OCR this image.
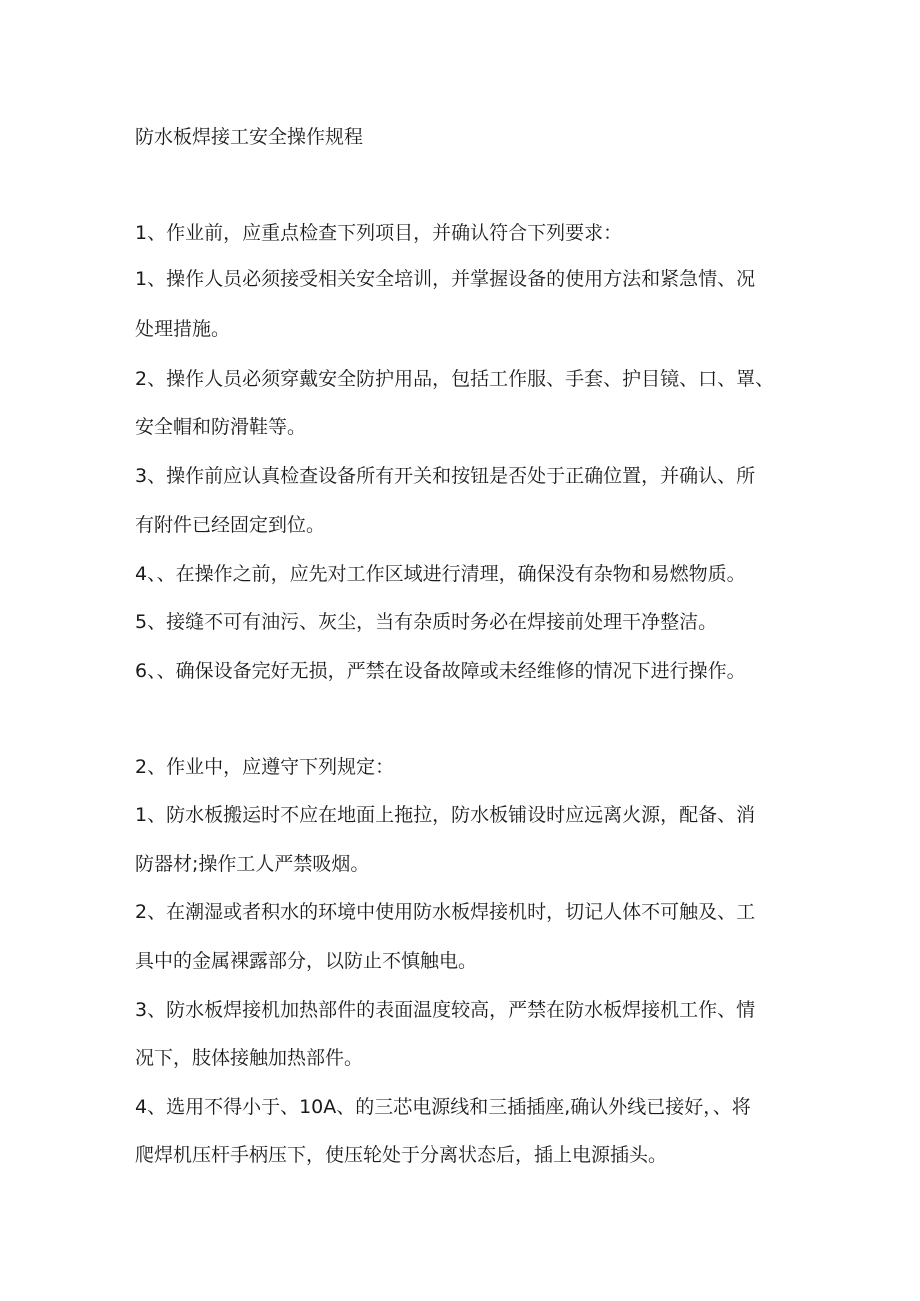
防水板焊接工安全操作规程
1、作业前，应重点检查下列项目，并确认符合下列要求：
1、操作人员必须接受相关安全培训，并掌握设备的使用方法和紧急情、况
处理措施。
2、操作人员必须穿戴安全防护用品，包括工作服、手套、护目镜、口、罩、
安全帽和防滑鞋等。
3、操作前应认真检查设备所有开关和按钮是否处于正确位置，并确认、所
有附件已经固定到位。
4、、在操作之前，应先对工作区域进行清理，确保没有杂物和易燃物质。
5、接缝不可有油污、灰尘，当有杂质时务必在焊接前处理干净整洁。
6、、确保设备完好无损，严禁在设备故障或未经维修的情况下进行操作。
2、作业中，应遵守下列规定：
1、防水板搬运时不应在地面上拖拉，防水板铺设时应远离火源，配备、消
防器材;操作工人严禁吸烟。
2、在潮湿或者积水的环境中使用防水板焊接机时，切记人体不可触及、工
具中的金属裸露部分，以防止不慎触电。
3、防水板焊接机加热部件的表面温度较高，严禁在防水板焊接机工作、情
况下，肢体接触加热部件。
4、选用不得小于、10A、的三芯电源线和三插插座,确认外线已接好，、将
爬焊机压杆手柄压下，使压轮处于分离状态后，插上电源插头。
